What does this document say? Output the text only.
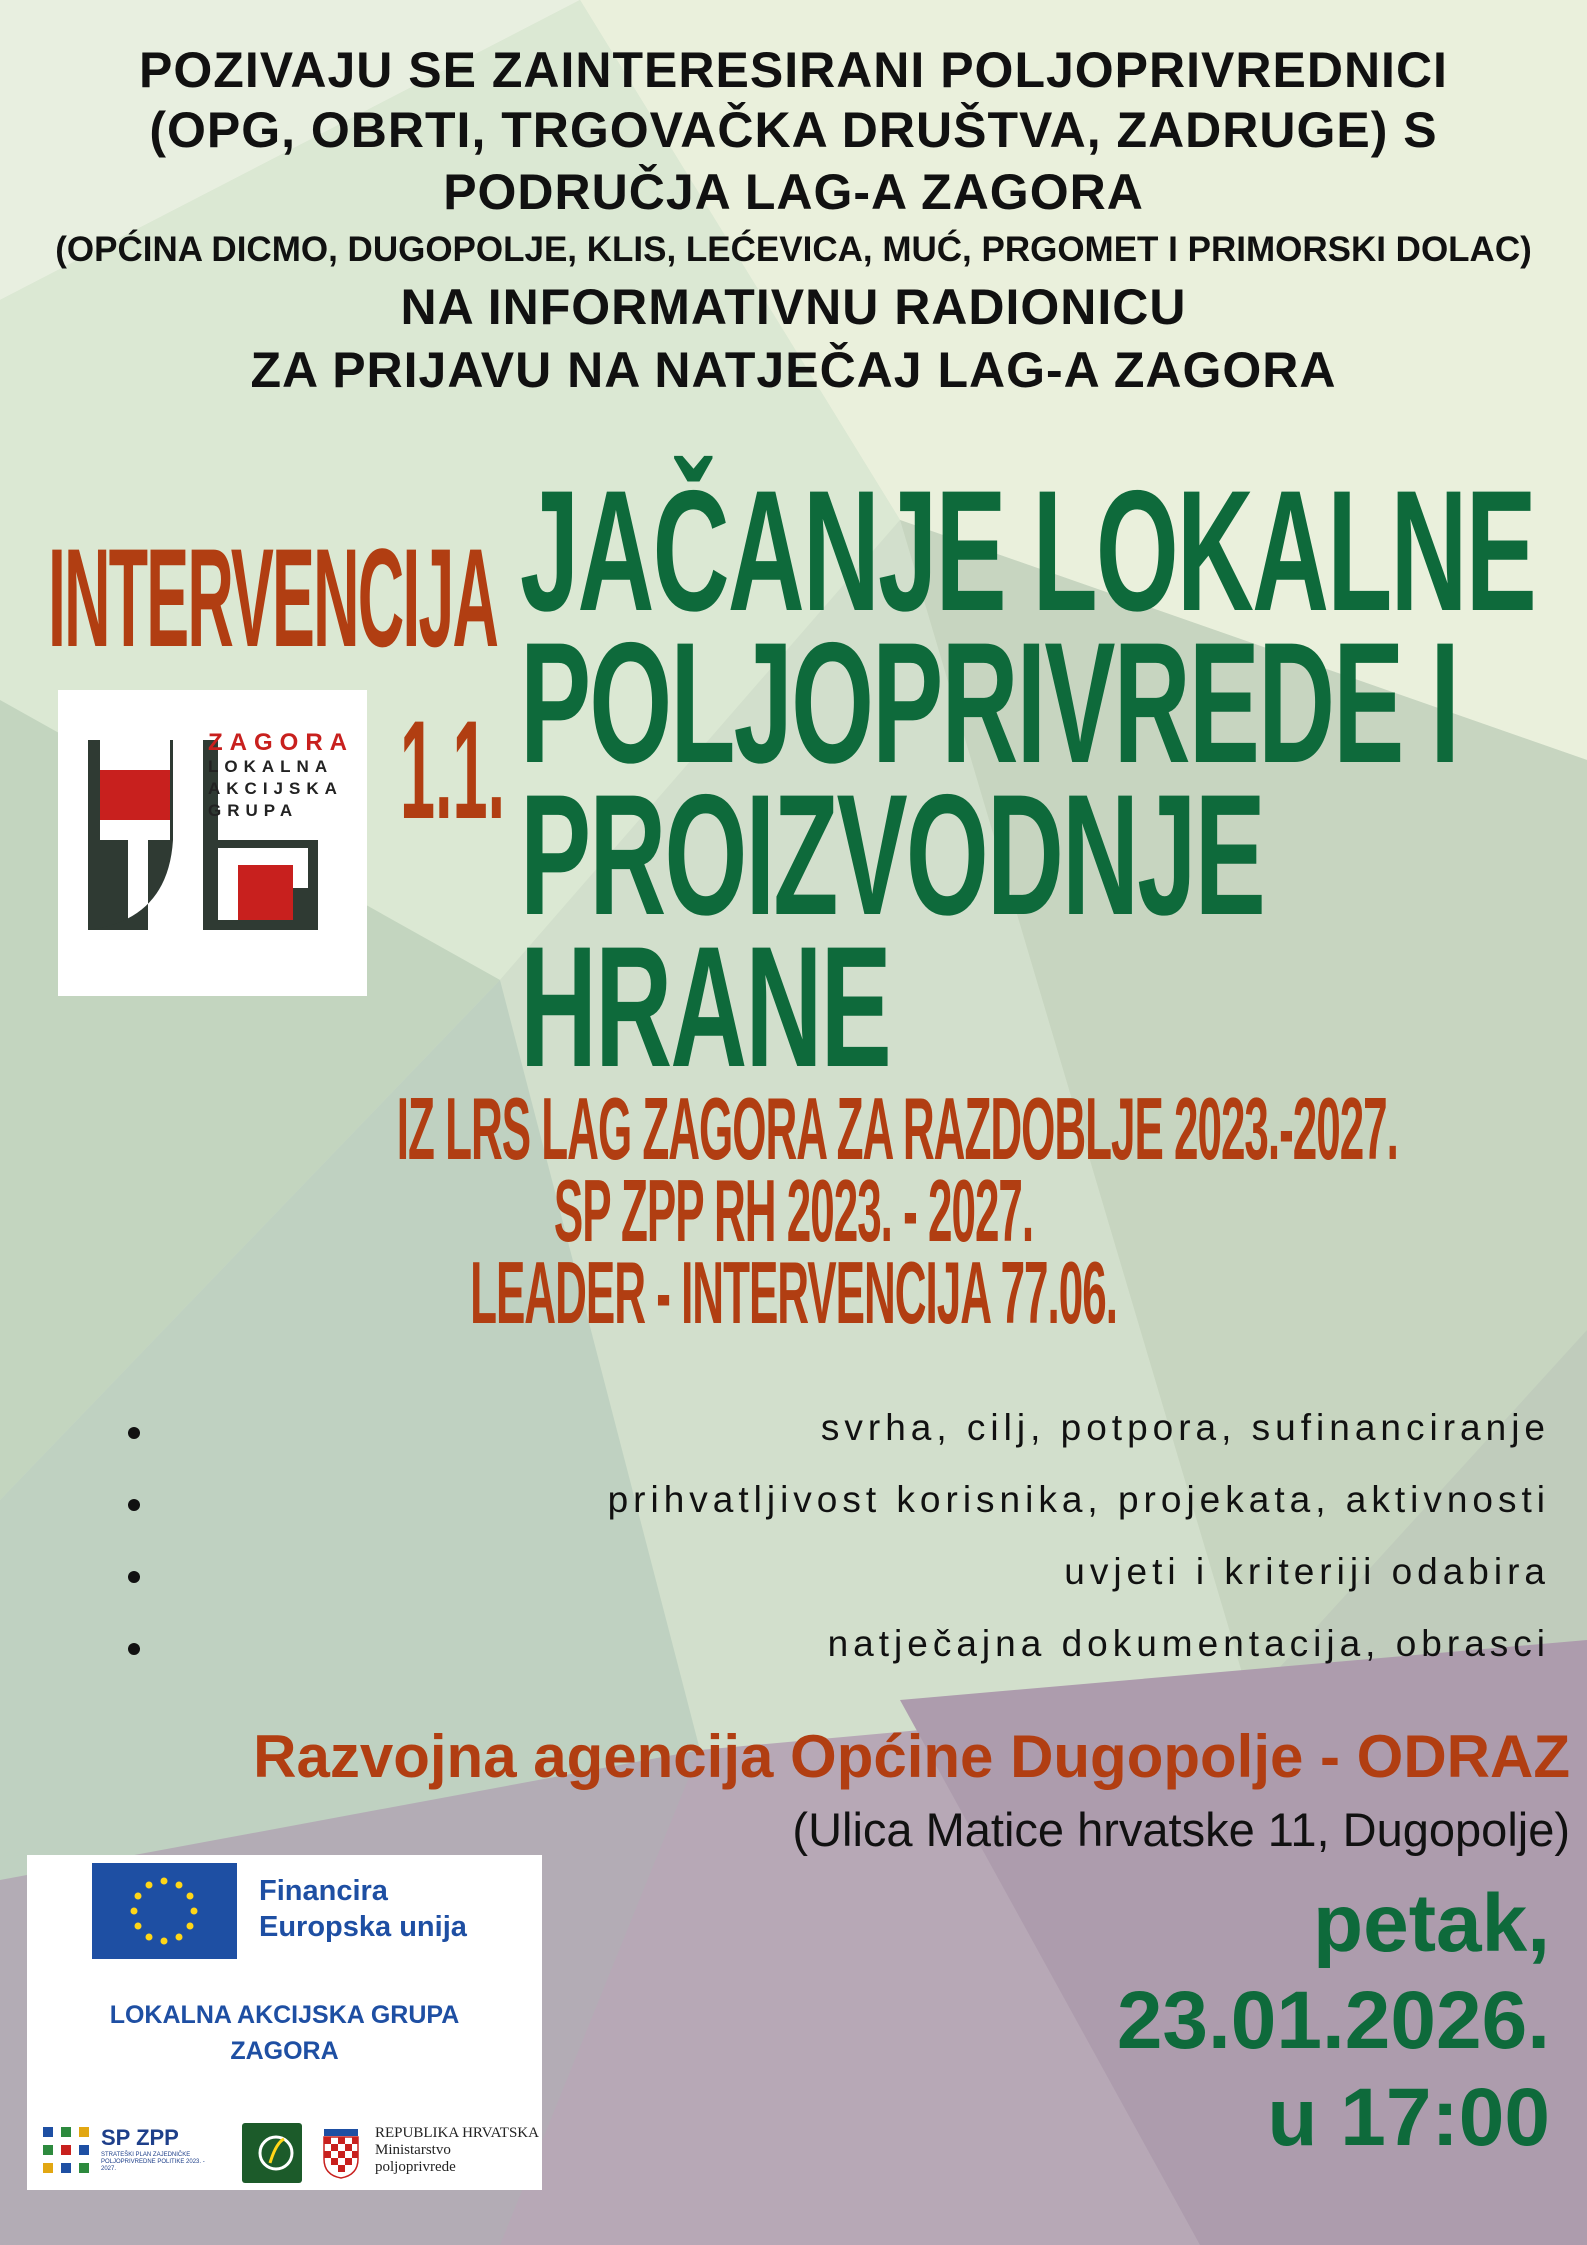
POZIVAJU SE ZAINTERESIRANI POLJOPRIVREDNICI
(OPG, OBRTI, TRGOVAČKA DRUŠTVA, ZADRUGE) S
PODRUČJA LAG-A ZAGORA
(OPĆINA DICMO, DUGOPOLJE, KLIS, LEĆEVICA, MUĆ, PRGOMET I PRIMORSKI DOLAC)
NA INFORMATIVNU RADIONICU
ZA PRIJAVU NA NATJEČAJ LAG-A ZAGORA
INTERVENCIJA
1.1.
ZAGORA
LOKALNA
AKCIJSKA
GRUPA
JAČANJE LOKALNE
POLJOPRIVREDE I
PROIZVODNJE
HRANE
IZ LRS LAG ZAGORA ZA RAZDOBLJE 2023.-2027.
SP ZPP RH 2023. - 2027.
LEADER - INTERVENCIJA 77.06.
svrha, cilj, potpora, sufinanciranje
prihvatljivost korisnika, projekata, aktivnosti
uvjeti i kriteriji odabira
natječajna dokumentacija, obrasci
Razvojna agencija Općine Dugopolje - ODRAZ
(Ulica Matice hrvatske 11, Dugopolje)
petak,
23.01.2026.
u 17:00
Financira
Europska unija
LOKALNA AKCIJSKA GRUPA
ZAGORA
SP ZPP
STRATEŠKI PLAN ZAJEDNIČKE POLJOPRIVREDNE POLITIKE 2023. - 2027.
REPUBLIKA HRVATSKA
Ministarstvo
poljoprivrede
